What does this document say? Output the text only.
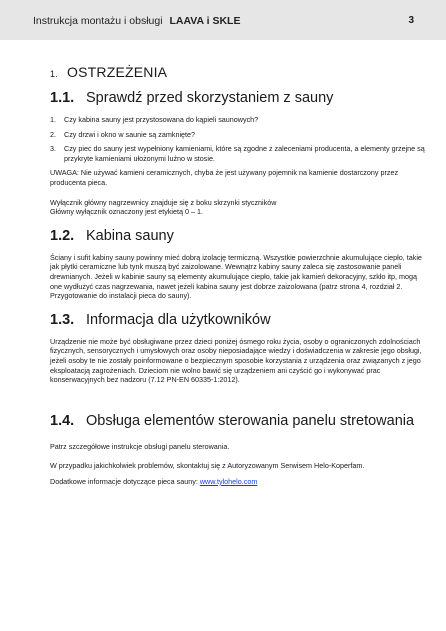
Instrukcja montażu i obsługi LAAVA i SKLE	3
1. OSTRZEŻENIA
1.1. Sprawdź przed skorzystaniem z sauny
1.	Czy kabina sauny jest przystosowana do kąpieli saunowych?
2.	Czy drzwi i okno w saunie są zamknięte?
3.	Czy piec do sauny jest wypełniony kamieniami, które są zgodne z zaleceniami producenta, a elementy grzejne są przykryte kamieniami ułożonymi luźno w stosie.

UWAGA: Nie używać kamieni ceramicznych, chyba że jest używany pojemnik na kamienie dostarczony przez producenta pieca.

Wyłącznik główny nagrzewnicy znajduje się z boku skrzynki styczników

Główny wyłącznik oznaczony jest etykietą 0 – 1.

1.2. Kabina sauny

Ściany i sufit kabiny sauny powinny mieć dobrą izolację termiczną. Wszystkie powierzchnie akumulujące ciepło, takie jak płytki ceramiczne lub tynk muszą być zaizolowane. Wewnątrz kabiny sauny zaleca się zastosowanie paneli drewnianych. Jeżeli w kabinie sauny są elementy akumulujące ciepło, takie jak kamień dekoracyjny, szkło itp, mogą one wydłużyć czas nagrzewania, nawet jeżeli kabina sauny jest dobrze zaizolowana (patrz strona 4, rozdział 2. Przygotowanie do instalacji pieca do sauny).

1.3. Informacja dla użytkowników

Urządzenie nie może być obsługiwane przez dzieci poniżej ósmego roku życia, osoby o ograniczonych zdolnościach fizycznych, sensorycznych i umysłowych oraz osoby nieposiadające wiedzy i doświadczenia w zakresie jego obsługi, jeżeli osoby te nie zostały poinformowane o bezpiecznym sposobie korzystania z urządzenia oraz związanych z jego eksploatacją zagrożeniach. Dzieciom nie wolno bawić się urządzeniem ani czyścić go i wykonywać prac konserwacyjnych bez nadzoru (7.12 PN-EN 60335-1:2012).

1.4. Obsługa elementów sterowania panelu stretowania

Patrz szczegółowe instrukcje obsługi panelu sterowania.

W przypadku jakichkolwiek problemów, skontaktuj się z Autoryzowanym Serwisem Helo-Koperfam.

Dodatkowe informacje dotyczące pieca sauny: www.tylohelo.com
